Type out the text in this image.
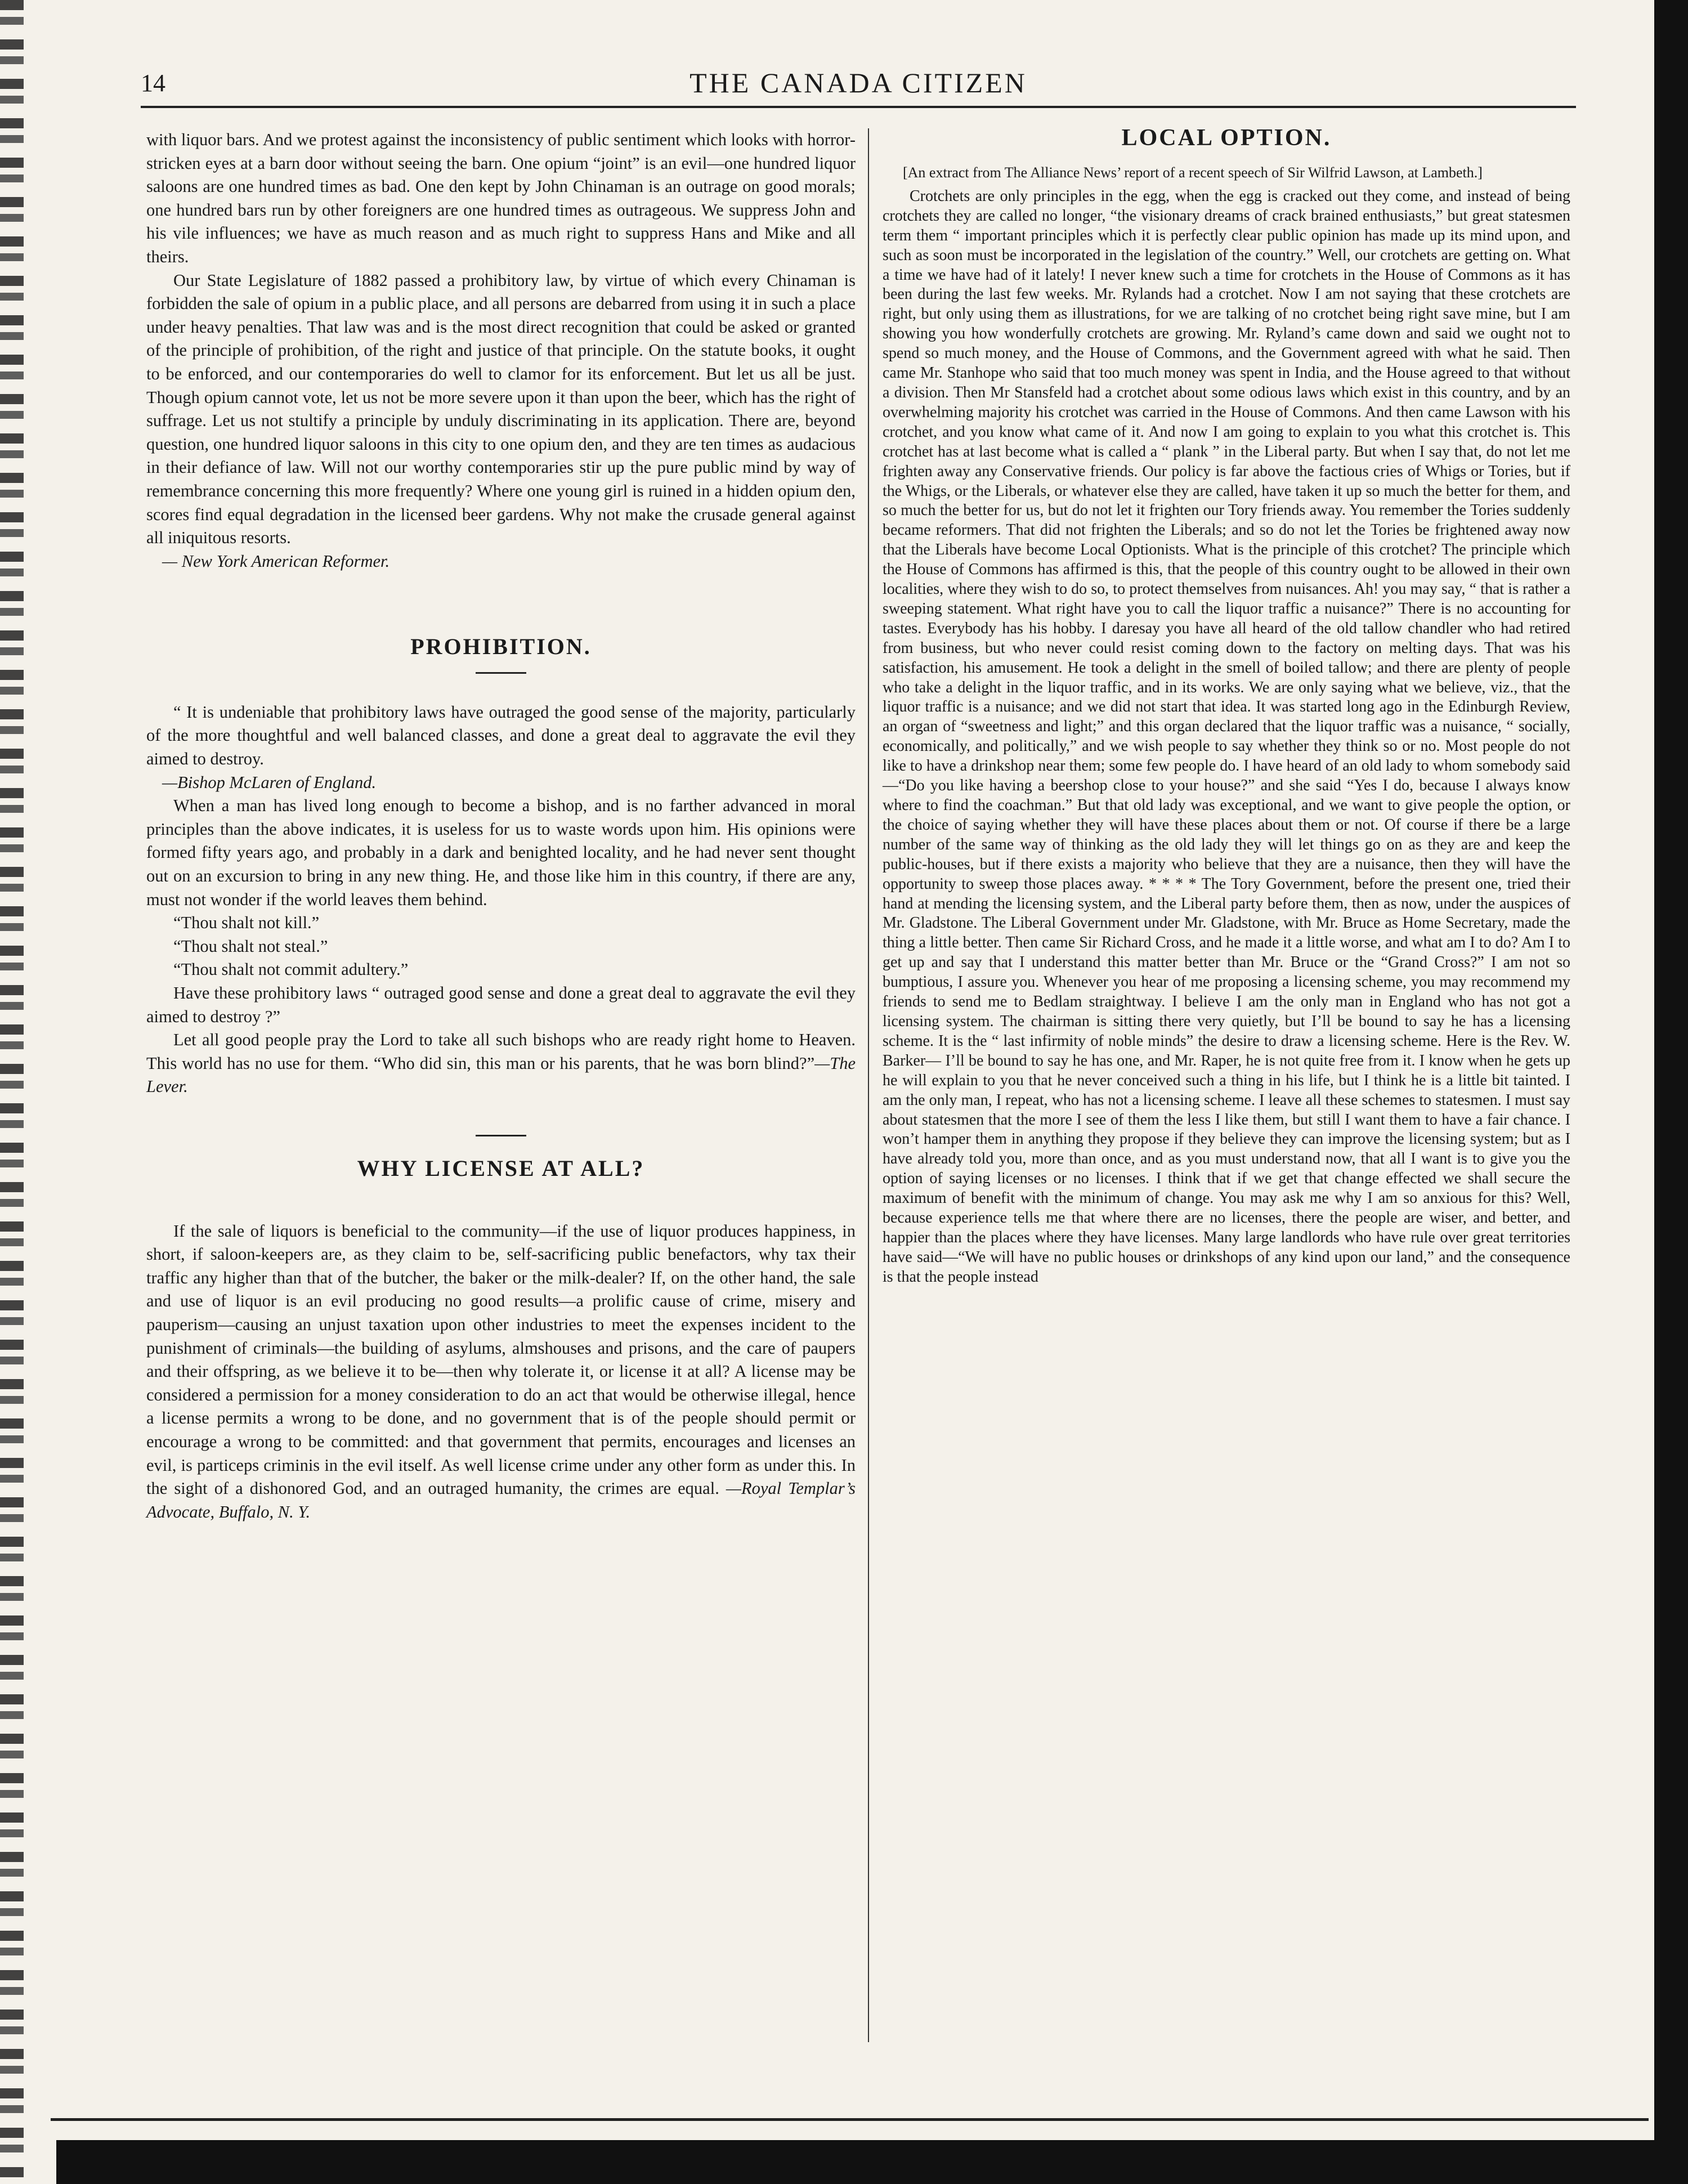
14	THE CANADA CITIZEN

with liquor bars. And we protest against the inconsistency of public sentiment which looks with horror-stricken eyes at a barn door without seeing the barn. One opium “joint” is an evil—one hundred liquor saloons are one hundred times as bad. One den kept by John Chinaman is an outrage on good morals; one hundred bars run by other foreigners are one hundred times as outrageous. We suppress John and his vile influences; we have as much reason and as much right to suppress Hans and Mike and all theirs.

Our State Legislature of 1882 passed a prohibitory law, by virtue of which every Chinaman is forbidden the sale of opium in a public place, and all persons are debarred from using it in such a place under heavy penalties. That law was and is the most direct recognition that could be asked or granted of the principle of prohibition, of the right and justice of that principle. On the statute books, it ought to be enforced, and our contemporaries do well to clamor for its enforcement. But let us all be just. Though opium cannot vote, let us not be more severe upon it than upon the beer, which has the right of suffrage. Let us not stultify a principle by unduly discriminating in its application. There are, beyond question, one hundred liquor saloons in this city to one opium den, and they are ten times as audacious in their defiance of law. Will not our worthy contemporaries stir up the pure public mind by way of remembrance concerning this more frequently? Where one young girl is ruined in a hidden opium den, scores find equal degradation in the licensed beer gardens. Why not make the crusade general against all iniquitous resorts.

— New York American Reformer.

PROHIBITION.

“ It is undeniable that prohibitory laws have outraged the good sense of the majority, particularly of the more thoughtful and well balanced classes, and done a great deal to aggravate the evil they aimed to destroy.

—Bishop McLaren of England.

When a man has lived long enough to become a bishop, and is no farther advanced in moral principles than the above indicates, it is useless for us to waste words upon him. His opinions were formed fifty years ago, and probably in a dark and benighted locality, and he had never sent thought out on an excursion to bring in any new thing. He, and those like him in this country, if there are any, must not wonder if the world leaves them behind.

“Thou shalt not kill.”

“Thou shalt not steal.”

“Thou shalt not commit adultery.”

Have these prohibitory laws “ outraged good sense and done a great deal to aggravate the evil they aimed to destroy ?”

Let all good people pray the Lord to take all such bishops who are ready right home to Heaven. This world has no use for them. “Who did sin, this man or his parents, that he was born blind?”—The Lever.

WHY LICENSE AT ALL?

If the sale of liquors is beneficial to the community—if the use of liquor produces happiness, in short, if saloon-keepers are, as they claim to be, self-sacrificing public benefactors, why tax their traffic any higher than that of the butcher, the baker or the milk-dealer? If, on the other hand, the sale and use of liquor is an evil producing no good results—a prolific cause of crime, misery and pauperism—causing an unjust taxation upon other industries to meet the expenses incident to the punishment of criminals—the building of asylums, almshouses and prisons, and the care of paupers and their offspring, as we believe it to be—then why tolerate it, or license it at all? A license may be considered a permission for a money consideration to do an act that would be otherwise illegal, hence a license permits a wrong to be done, and no government that is of the people should permit or encourage a wrong to be committed: and that government that permits, encourages and licenses an evil, is particeps criminis in the evil itself. As well license crime under any other form as under this. In the sight of a dishonored God, and an outraged humanity, the crimes are equal. —Royal Templar’s Advocate, Buffalo, N. Y.

LOCAL OPTION.

[An extract from The Alliance News’ report of a recent speech of Sir Wilfrid Lawson, at Lambeth.]

Crotchets are only principles in the egg, when the egg is cracked out they come, and instead of being crotchets they are called no longer, “the visionary dreams of crack brained enthusiasts,” but great statesmen term them “ important principles which it is perfectly clear public opinion has made up its mind upon, and such as soon must be incorporated in the legislation of the country.” Well, our crotchets are getting on. What a time we have had of it lately! I never knew such a time for crotchets in the House of Commons as it has been during the last few weeks. Mr. Rylands had a crotchet. Now I am not saying that these crotchets are right, but only using them as illustrations, for we are talking of no crotchet being right save mine, but I am showing you how wonderfully crotchets are growing. Mr. Ryland’s came down and said we ought not to spend so much money, and the House of Commons, and the Government agreed with what he said. Then came Mr. Stanhope who said that too much money was spent in India, and the House agreed to that without a division. Then Mr Stansfeld had a crotchet about some odious laws which exist in this country, and by an overwhelming majority his crotchet was carried in the House of Commons. And then came Lawson with his crotchet, and you know what came of it. And now I am going to explain to you what this crotchet is. This crotchet has at last become what is called a “ plank ” in the Liberal party. But when I say that, do not let me frighten away any Conservative friends. Our policy is far above the factious cries of Whigs or Tories, but if the Whigs, or the Liberals, or whatever else they are called, have taken it up so much the better for them, and so much the better for us, but do not let it frighten our Tory friends away. You remember the Tories suddenly became reformers. That did not frighten the Liberals; and so do not let the Tories be frightened away now that the Liberals have become Local Optionists. What is the principle of this crotchet? The principle which the House of Commons has affirmed is this, that the people of this country ought to be allowed in their own localities, where they wish to do so, to protect themselves from nuisances. Ah! you may say, “ that is rather a sweeping statement. What right have you to call the liquor traffic a nuisance?” There is no accounting for tastes. Everybody has his hobby. I daresay you have all heard of the old tallow chandler who had retired from business, but who never could resist coming down to the factory on melting days. That was his satisfaction, his amusement. He took a delight in the smell of boiled tallow; and there are plenty of people who take a delight in the liquor traffic, and in its works. We are only saying what we believe, viz., that the liquor traffic is a nuisance; and we did not start that idea. It was started long ago in the Edinburgh Review, an organ of “sweetness and light;” and this organ declared that the liquor traffic was a nuisance, “ socially, economically, and politically,” and we wish people to say whether they think so or no. Most people do not like to have a drinkshop near them; some few people do. I have heard of an old lady to whom somebody said—“Do you like having a beershop close to your house?” and she said “Yes I do, because I always know where to find the coachman.” But that old lady was exceptional, and we want to give people the option, or the choice of saying whether they will have these places about them or not. Of course if there be a large number of the same way of thinking as the old lady they will let things go on as they are and keep the public-houses, but if there exists a majority who believe that they are a nuisance, then they will have the opportunity to sweep those places away. * * * * The Tory Government, before the present one, tried their hand at mending the licensing system, and the Liberal party before them, then as now, under the auspices of Mr. Gladstone. The Liberal Government under Mr. Gladstone, with Mr. Bruce as Home Secretary, made the thing a little better. Then came Sir Richard Cross, and he made it a little worse, and what am I to do? Am I to get up and say that I understand this matter better than Mr. Bruce or the “Grand Cross?” I am not so bumptious, I assure you. Whenever you hear of me proposing a licensing scheme, you may recommend my friends to send me to Bedlam straightway. I believe I am the only man in England who has not got a licensing system. The chairman is sitting there very quietly, but I’ll be bound to say he has a licensing scheme. It is the “ last infirmity of noble minds” the desire to draw a licensing scheme. Here is the Rev. W. Barker— I’ll be bound to say he has one, and Mr. Raper, he is not quite free from it. I know when he gets up he will explain to you that he never conceived such a thing in his life, but I think he is a little bit tainted. I am the only man, I repeat, who has not a licensing scheme. I leave all these schemes to statesmen. I must say about statesmen that the more I see of them the less I like them, but still I want them to have a fair chance. I won’t hamper them in anything they propose if they believe they can improve the licensing system; but as I have already told you, more than once, and as you must understand now, that all I want is to give you the option of saying licenses or no licenses. I think that if we get that change effected we shall secure the maximum of benefit with the minimum of change. You may ask me why I am so anxious for this? Well, because experience tells me that where there are no licenses, there the people are wiser, and better, and happier than the places where they have licenses. Many large landlords who have rule over great territories have said—“We will have no public houses or drinkshops of any kind upon our land,” and the consequence is that the people instead
